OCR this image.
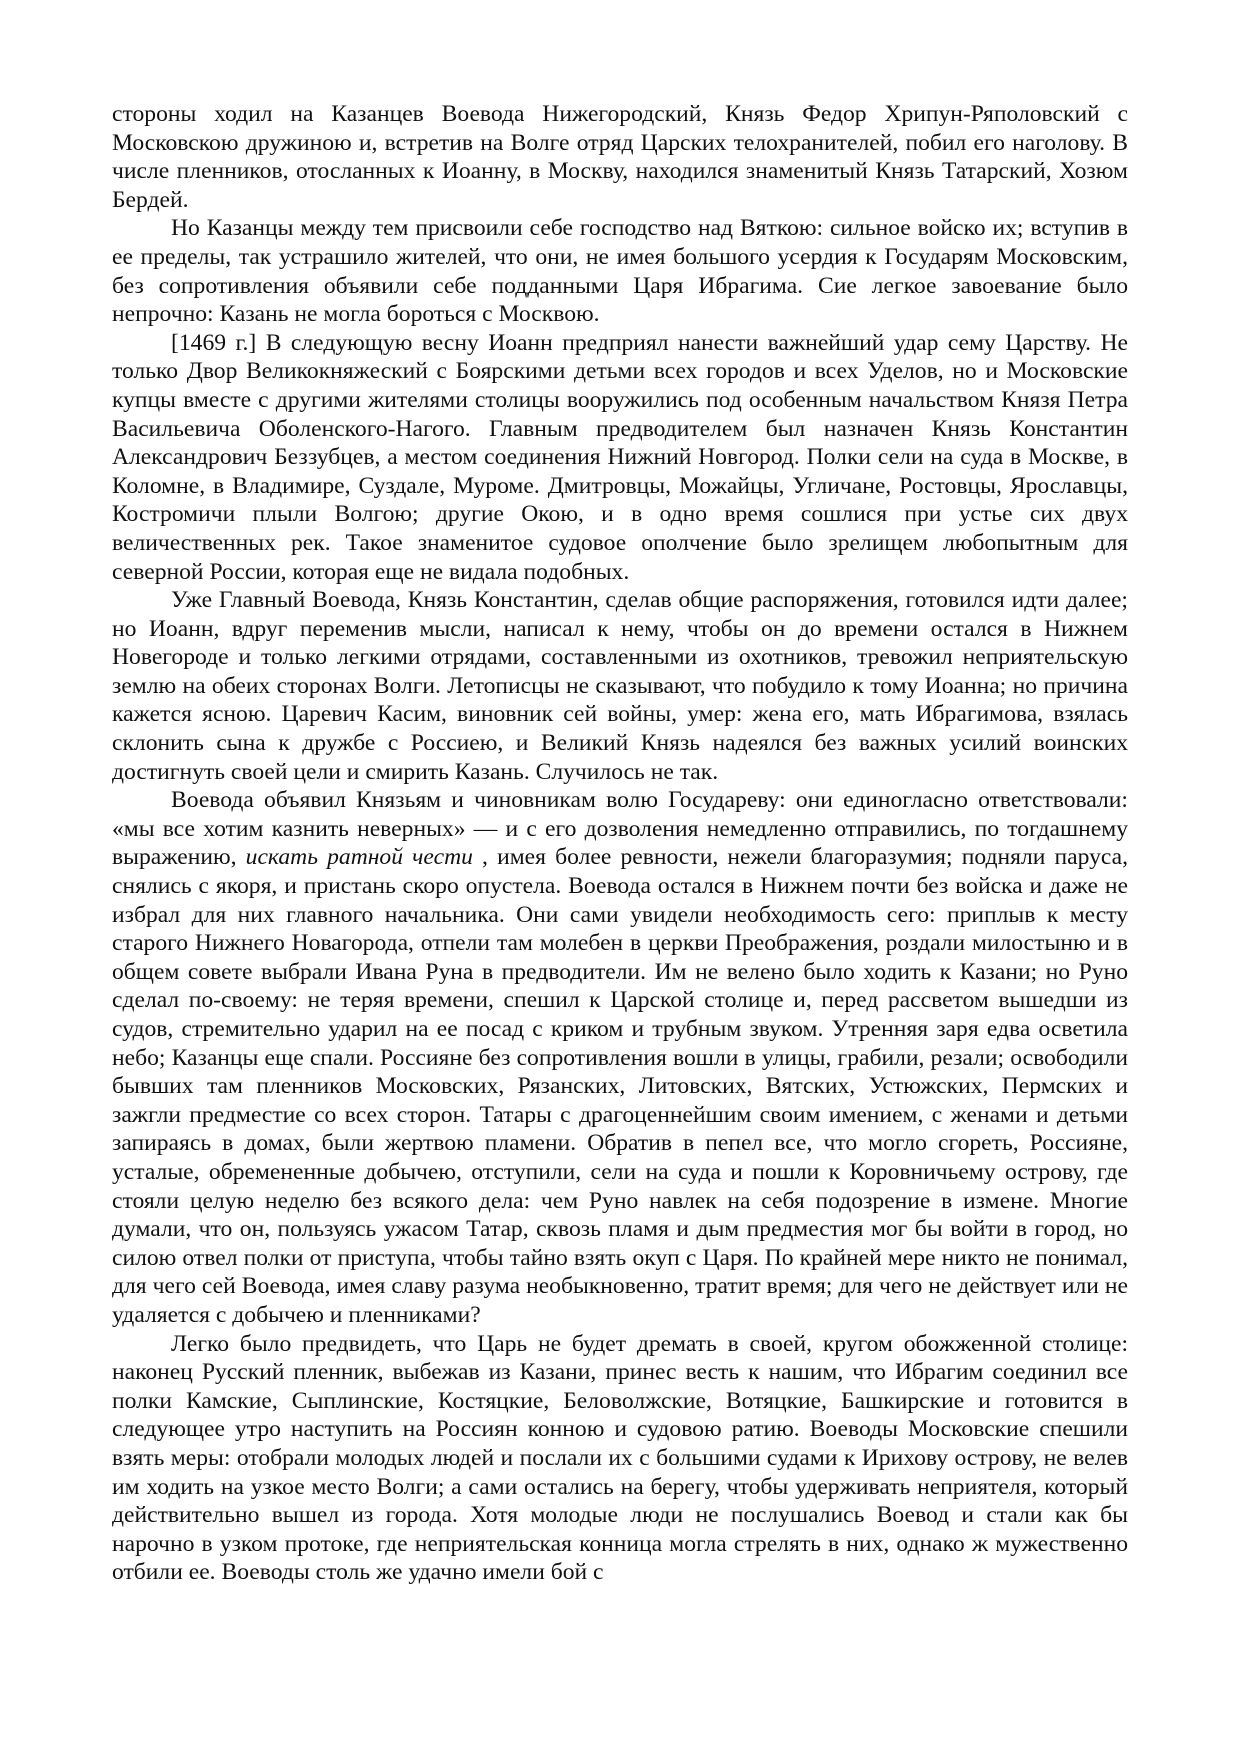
стороны ходил на Казанцев Воевода Нижегородский, Князь Федор Хрипун-Ряполовский с Московскою дружиною и, встретив на Волге отряд Царских телохранителей, побил его наголову. В числе пленников, отосланных к Иоанну, в Москву, находился знаменитый Князь Татарский, Хозюм Бердей.

Но Казанцы между тем присвоили себе господство над Вяткою: сильное войско их; вступив в ее пределы, так устрашило жителей, что они, не имея большого усердия к Государям Московским, без сопротивления объявили себе подданными Царя Ибрагима. Сие легкое завоевание было непрочно: Казань не могла бороться с Москвою.

[1469 г.] В следующую весну Иоанн предприял нанести важнейший удар сему Царству. Не только Двор Великокняжеский с Боярскими детьми всех городов и всех Уделов, но и Московские купцы вместе с другими жителями столицы вооружились под особенным начальством Князя Петра Васильевича Оболенского-Нагого. Главным предводителем был назначен Князь Константин Александрович Беззубцев, а местом соединения Нижний Новгород. Полки сели на суда в Москве, в Коломне, в Владимире, Суздале, Муроме. Дмитровцы, Можайцы, Угличане, Ростовцы, Ярославцы, Костромичи плыли Волгою; другие Окою, и в одно время сошлися при устье сих двух величественных рек. Такое знаменитое судовое ополчение было зрелищем любопытным для северной России, которая еще не видала подобных.

Уже Главный Воевода, Князь Константин, сделав общие распоряжения, готовился идти далее; но Иоанн, вдруг переменив мысли, написал к нему, чтобы он до времени остался в Нижнем Новегороде и только легкими отрядами, составленными из охотников, тревожил неприятельскую землю на обеих сторонах Волги. Летописцы не сказывают, что побудило к тому Иоанна; но причина кажется ясною. Царевич Касим, виновник сей войны, умер: жена его, мать Ибрагимова, взялась склонить сына к дружбе с Россиею, и Великий Князь надеялся без важных усилий воинских достигнуть своей цели и смирить Казань. Случилось не так.

Воевода объявил Князьям и чиновникам волю Государеву: они единогласно ответствовали: «мы все хотим казнить неверных» — и с его дозволения немедленно отправились, по тогдашнему выражению, искать ратной чести , имея более ревности, нежели благоразумия; подняли паруса, снялись с якоря, и пристань скоро опустела. Воевода остался в Нижнем почти без войска и даже не избрал для них главного начальника. Они сами увидели необходимость сего: приплыв к месту старого Нижнего Новагорода, отпели там молебен в церкви Преображения, роздали милостыню и в общем совете выбрали Ивана Руна в предводители. Им не велено было ходить к Казани; но Руно сделал по-своему: не теряя времени, спешил к Царской столице и, перед рассветом вышедши из судов, стремительно ударил на ее посад с криком и трубным звуком. Утренняя заря едва осветила небо; Казанцы еще спали. Россияне без сопротивления вошли в улицы, грабили, резали; освободили бывших там пленников Московских, Рязанских, Литовских, Вятских, Устюжских, Пермских и зажгли предместие со всех сторон. Татары с драгоценнейшим своим имением, с женами и детьми запираясь в домах, были жертвою пламени. Обратив в пепел все, что могло сгореть, Россияне, усталые, обремененные добычею, отступили, сели на суда и пошли к Коровничьему острову, где стояли целую неделю без всякого дела: чем Руно навлек на себя подозрение в измене. Многие думали, что он, пользуясь ужасом Татар, сквозь пламя и дым предместия мог бы войти в город, но силою отвел полки от приступа, чтобы тайно взять окуп с Царя. По крайней мере никто не понимал, для чего сей Воевода, имея славу разума необыкновенно, тратит время; для чего не действует или не удаляется с добычею и пленниками?

Легко было предвидеть, что Царь не будет дремать в своей, кругом обожженной столице: наконец Русский пленник, выбежав из Казани, принес весть к нашим, что Ибрагим соединил все полки Камские, Сыплинские, Костяцкие, Беловолжские, Вотяцкие, Башкирские и готовится в следующее утро наступить на Россиян конною и судовою ратию. Воеводы Московские спешили взять меры: отобрали молодых людей и послали их с большими судами к Ирихову острову, не велев им ходить на узкое место Волги; а сами остались на берегу, чтобы удерживать неприятеля, который действительно вышел из города. Хотя молодые люди не послушались Воевод и стали как бы нарочно в узком протоке, где неприятельская конница могла стрелять в них, однако ж мужественно отбили ее. Воеводы столь же удачно имели бой с
